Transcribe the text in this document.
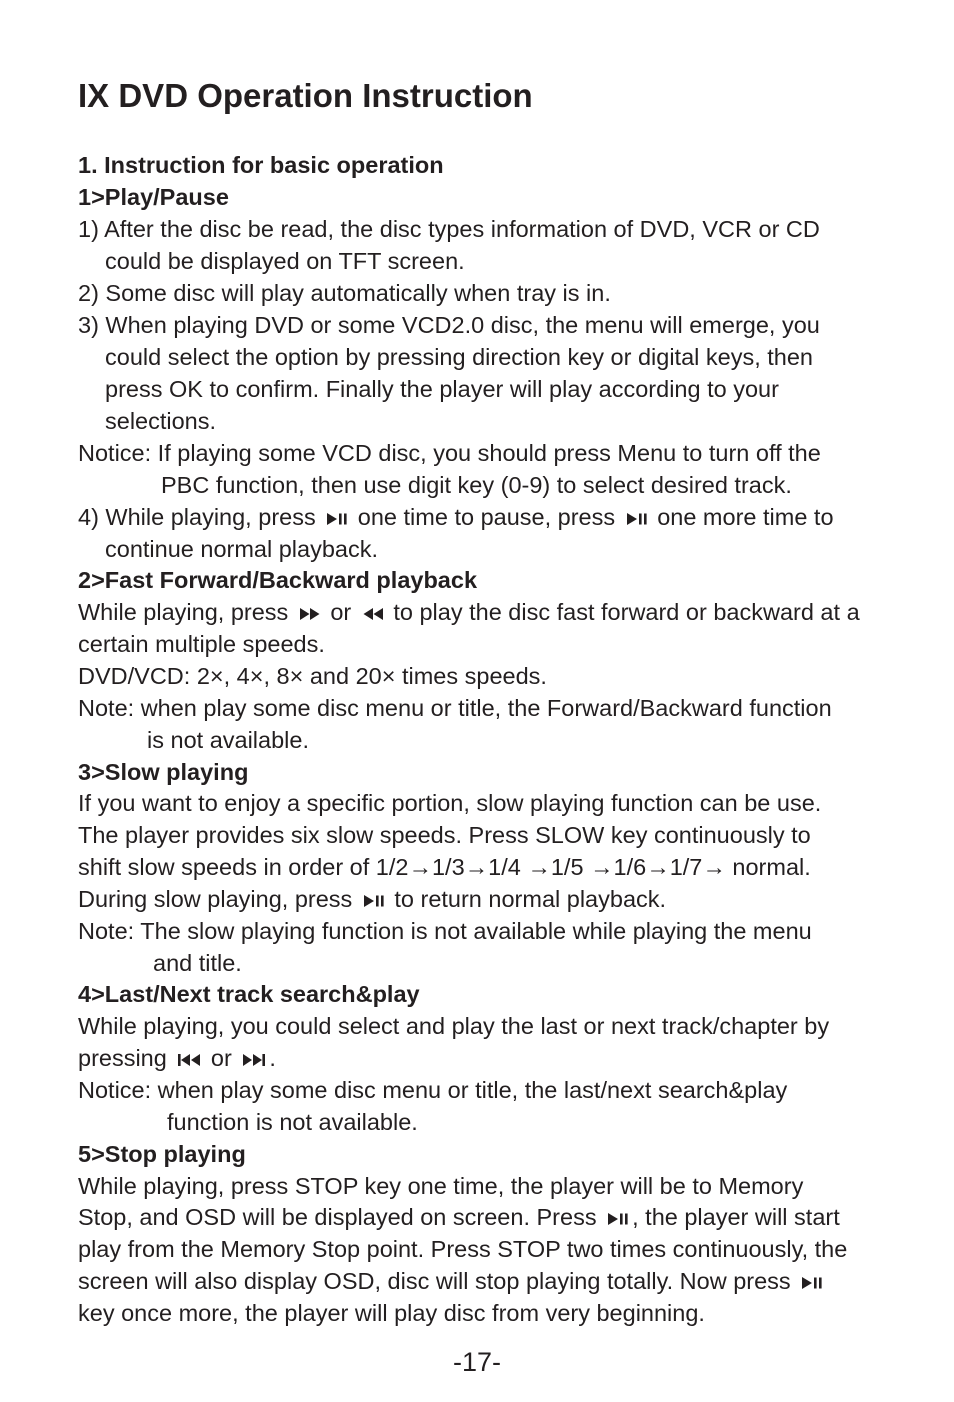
IX DVD Operation Instruction
1. Instruction for basic operation
1>Play/Pause
1) After the disc be read, the disc types information of DVD, VCR or CD
could be displayed on TFT screen.
2) Some disc will play automatically when tray is in.
3) When playing DVD or some VCD2.0 disc, the menu will emerge, you
could select the option by pressing direction key or digital keys, then
press OK to confirm. Finally the player will play according to your
selections.
Notice: If playing some VCD disc, you should press Menu to turn off the
PBC function, then use digit key (0-9) to select desired track.
4) While playing, press one time to pause, press one more time to
continue normal playback.
2>Fast Forward/Backward playback
While playing, press or to play the disc fast forward or backward at a
certain multiple speeds.
DVD/VCD: 2×, 4×, 8× and 20× times speeds.
Note: when play some disc menu or title, the Forward/Backward function
is not available.
3>Slow playing
If you want to enjoy a specific portion, slow playing function can be use.
The player provides six slow speeds. Press SLOW key continuously to
shift slow speeds in order of 1/2→1/3→1/4 →1/5 →1/6→1/7→ normal.
During slow playing, press to return normal playback.
Note: The slow playing function is not available while playing the menu
and title.
4>Last/Next track search&play
While playing, you could select and play the last or next track/chapter by
pressing or .
Notice: when play some disc menu or title, the last/next search&play
function is not available.
5>Stop playing
While playing, press STOP key one time, the player will be to Memory
Stop, and OSD will be displayed on screen. Press , the player will start
play from the Memory Stop point. Press STOP two times continuously, the
screen will also display OSD, disc will stop playing totally. Now press
key once more, the player will play disc from very beginning.
-17-
